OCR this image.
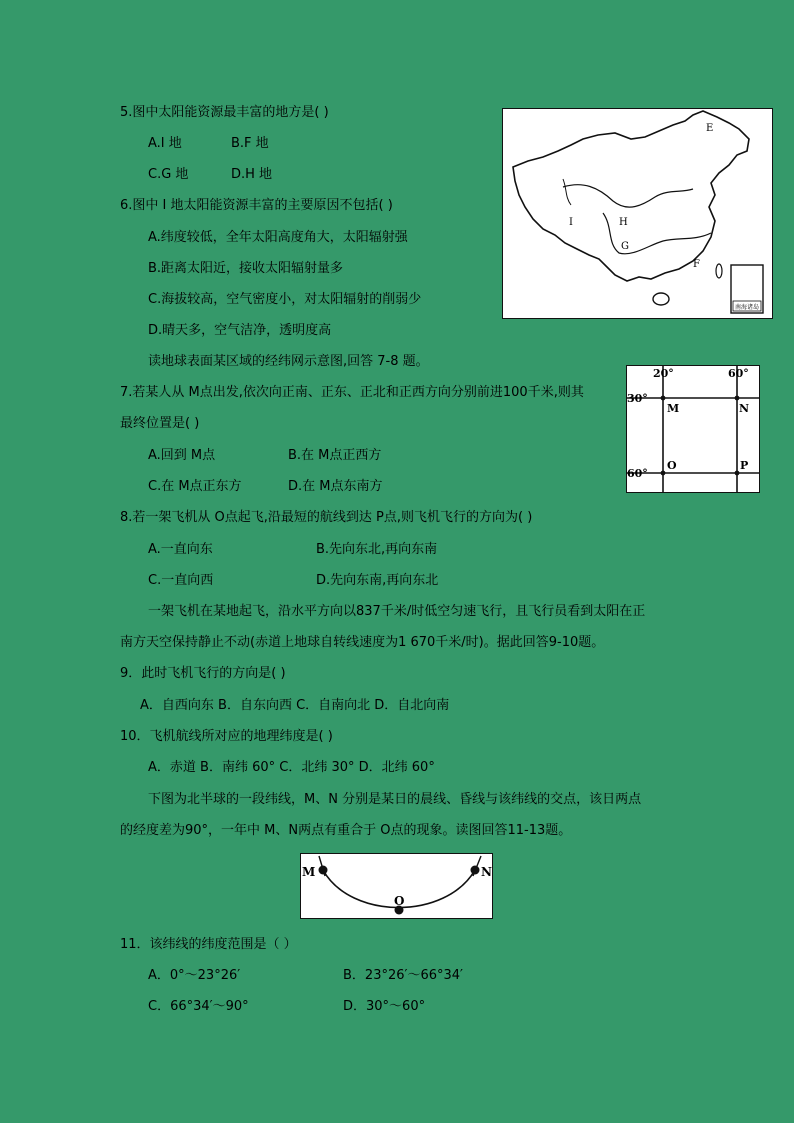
5.图中太阳能资源最丰富的地方是( )
A.I 地	B.F 地
C.G 地	D.H 地
6.图中 I 地太阳能资源丰富的主要原因不包括( )
A.纬度较低，全年太阳高度角大，太阳辐射强
B.距离太阳近，接收太阳辐射量多
C.海拔较高，空气密度小，对太阳辐射的削弱少
D.晴天多，空气洁净，透明度高
读地球表面某区域的经纬网示意图,回答 7-8 题。
7.若某人从 M点出发,依次向正南、正东、正北和正西方向分别前进100千米,则其
最终位置是( )
A.回到 M点	B.在 M点正西方
C.在 M点正东方	D.在 M点东南方
8.若一架飞机从 O点起飞,沿最短的航线到达 P点,则飞机飞行的方向为( )
A.一直向东	B.先向东北,再向东南
C.一直向西	D.先向东南,再向东北
一架飞机在某地起飞，沿水平方向以837千米/时低空匀速飞行，且飞行员看到太阳在正
南方天空保持静止不动(赤道上地球自转线速度为1 670千米/时)。据此回答9-10题。
9．此时飞机飞行的方向是( )
A．自西向东 B．自东向西 C．自南向北 D．自北向南
10．飞机航线所对应的地理纬度是( )
A．赤道 B．南纬 60° C．北纬 30° D．北纬 60°
下图为北半球的一段纬线，M、N 分别是某日的晨线、昏线与该纬线的交点，该日两点
的经度差为90°，一年中 M、N两点有重合于 O点的现象。读图回答11-13题。
11．该纬线的纬度范围是（ ）
A．0°～23°26′	B．23°26′～66°34′
C．66°34′～90°	D．30°～60°
南海诸岛
E
I	H
G
F
20°	60°
30°
60°
M	N
O	P
M	N
O
